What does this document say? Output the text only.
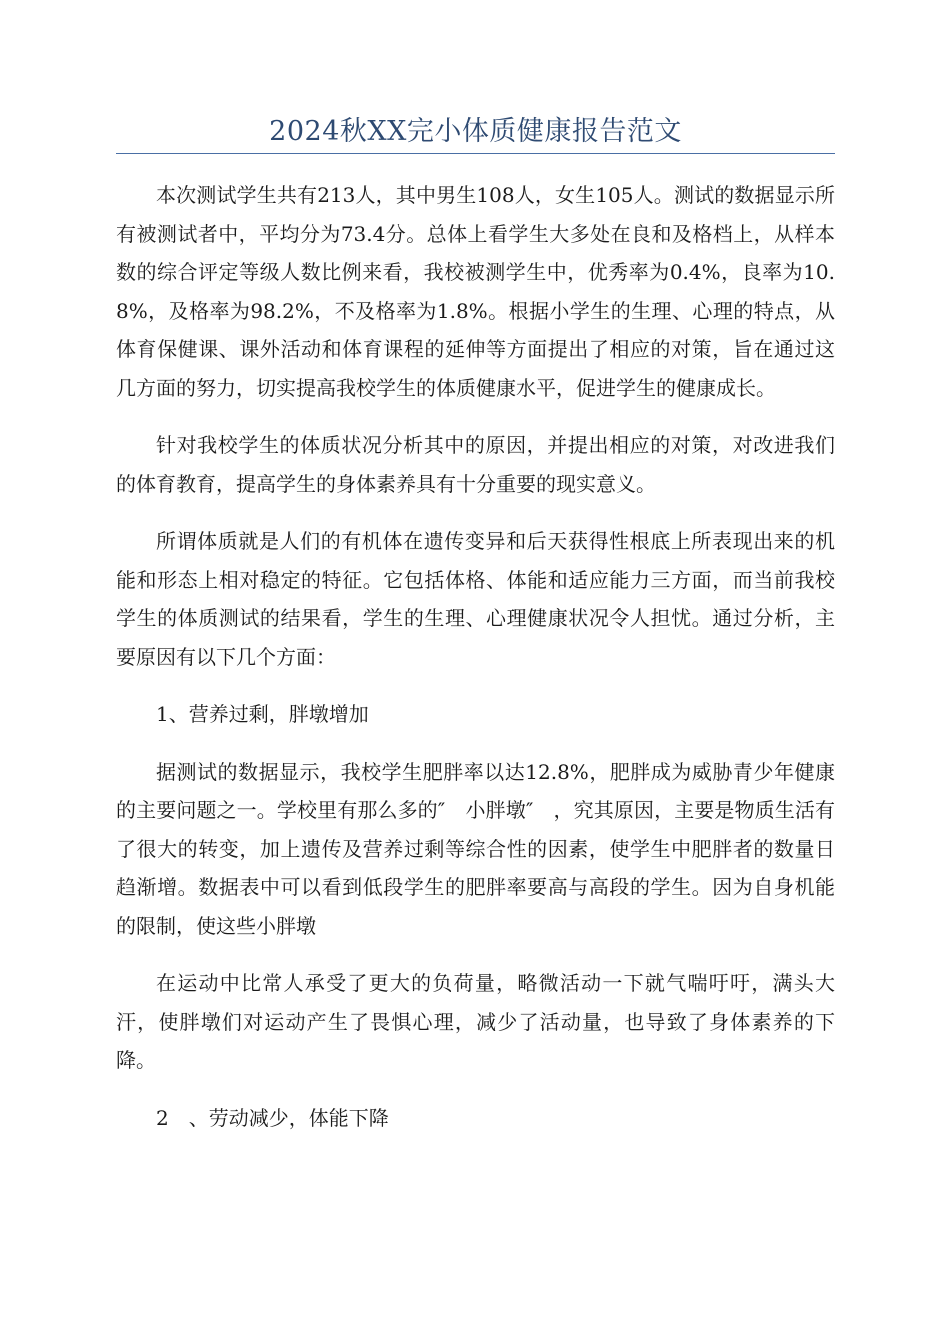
2024秋XX完小体质健康报告范文

本次测试学生共有213人，其中男生108人，女生105人。测试的数据显示所有被测试者中，平均分为73.4分。总体上看学生大多处在良和及格档上，从样本数的综合评定等级人数比例来看，我校被测学生中，优秀率为0.4%，良率为10.8%，及格率为98.2%，不及格率为1.8%。根据小学生的生理、心理的特点，从体育保健课、课外活动和体育课程的延伸等方面提出了相应的对策，旨在通过这几方面的努力，切实提高我校学生的体质健康水平，促进学生的健康成长。

针对我校学生的体质状况分析其中的原因，并提出相应的对策，对改进我们的体育教育，提高学生的身体素养具有十分重要的现实意义。

所谓体质就是人们的有机体在遗传变异和后天获得性根底上所表现出来的机能和形态上相对稳定的特征。它包括体格、体能和适应能力三方面，而当前我校学生的体质测试的结果看，学生的生理、心理健康状况令人担忧。通过分析，主要原因有以下几个方面：

1、营养过剩，胖墩增加

据测试的数据显示，我校学生肥胖率以达12.8%，肥胖成为威胁青少年健康的主要问题之一。学校里有那么多的″　小胖墩″　，究其原因，主要是物质生活有了很大的转变，加上遗传及营养过剩等综合性的因素，使学生中肥胖者的数量日趋渐增。数据表中可以看到低段学生的肥胖率要高与高段的学生。因为自身机能的限制，使这些小胖墩

在运动中比常人承受了更大的负荷量，略微活动一下就气喘吁吁，满头大汗，使胖墩们对运动产生了畏惧心理，减少了活动量，也导致了身体素养的下降。

2　、劳动减少，体能下降
